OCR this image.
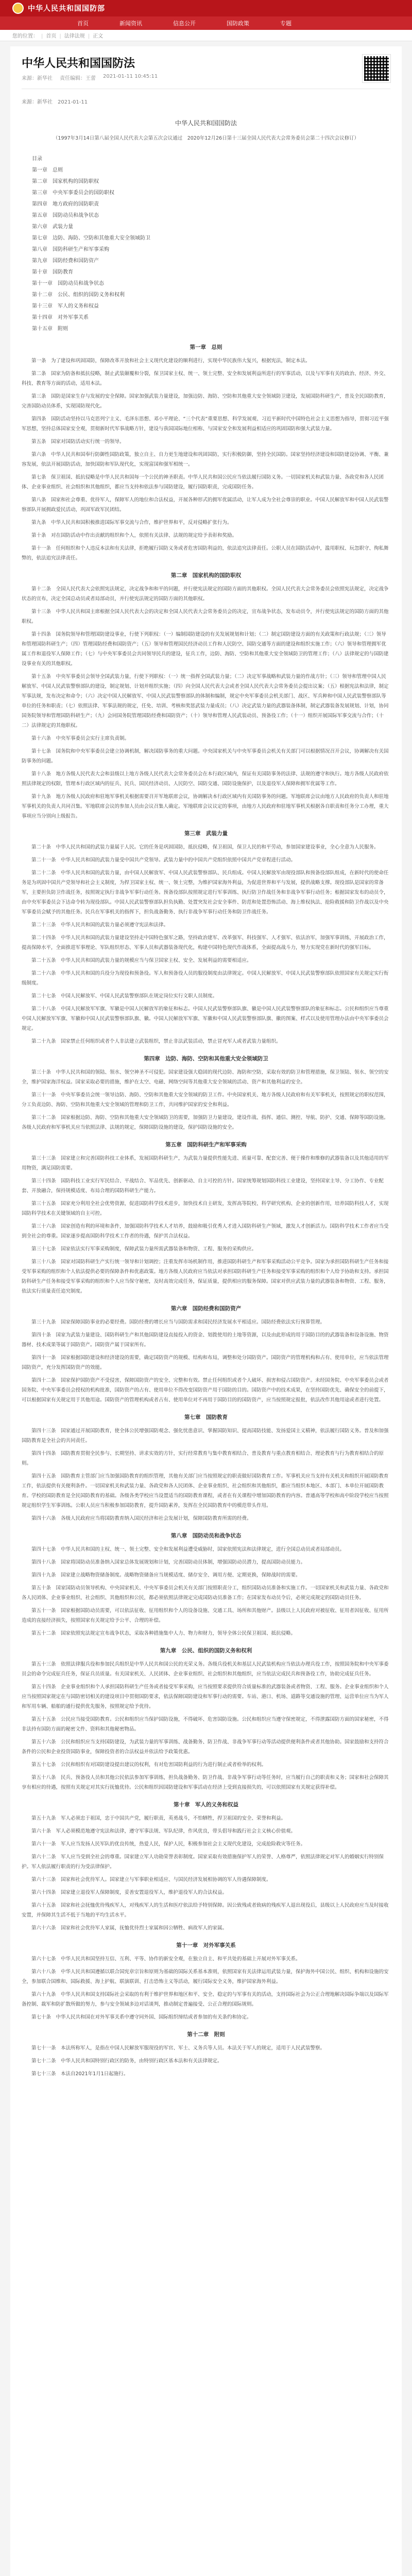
中华人民共和国国防部
首页	新闻资讯	信息公开	国防政策	专题
您的位置：	| 首页	| 法律法规	| 正文
中华人民共和国国防法
来源：新华社 责任编辑：王蕾 2021-01-11 10:45:11
来源：新华社　2021-01-11
中华人民共和国国防法
（1997年3月14日第八届全国人民代表大会第五次会议通过　2020年12月26日第十三届全国人民代表大会常务委员会第二十四次会议修订）
目录
第一章　总则
第二章　国家机构的国防职权
第三章　中央军事委员会的国防职权
第四章　地方政府的国防职责
第五章　国防动员和战争状态
第六章　武装力量
第七章　边防、海防、空防和其他重大安全领域防卫
第八章　国防科研生产和军事采购
第九章　国防经费和国防资产
第十章　国防教育
第十一章　国防动员和战争状态
第十二章　公民、组织的国防义务和权利
第十三章　军人的义务和权益
第十四章　对外军事关系
第十五章　附则
第一章　总则

第一条　为了建设和巩固国防，保障改革开放和社会主义现代化建设的顺利进行，实现中华民族伟大复兴，根据宪法，制定本法。

第二条　国家为防备和抵抗侵略，制止武装颠覆和分裂，保卫国家主权、统一、领土完整、安全和发展利益所进行的军事活动，以及与军事有关的政治、经济、外交、科技、教育等方面的活动，适用本法。

第三条　国防是国家生存与发展的安全保障。国家加强武装力量建设，加强边防、海防、空防和其他重大安全领域防卫建设，发展国防科研生产，普及全民国防教育，完善国防动员体系，实现国防现代化。

第四条　国防活动坚持以马克思列宁主义、毛泽东思想、邓小平理论、“三个代表”重要思想、科学发展观、习近平新时代中国特色社会主义思想为指导，贯彻习近平强军思想，坚持总体国家安全观，贯彻新时代军事战略方针，建设与我国国际地位相称、与国家安全和发展利益相适应的巩固国防和强大武装力量。

第五条　国家对国防活动实行统一的领导。

第六条　中华人民共和国奉行防御性国防政策，独立自主、自力更生地建设和巩固国防，实行积极防御，坚持全民国防。国家坚持经济建设和国防建设协调、平衡、兼容发展，依法开展国防活动，加快国防和军队现代化，实现富国和强军相统一。

第七条　保卫祖国、抵抗侵略是中华人民共和国每一个公民的神圣职责。中华人民共和国公民应当依法履行国防义务。一切国家机关和武装力量、各政党和各人民团体、企业事业组织、社会组织和其他组织，都应当支持和依法参与国防建设，履行国防职责，完成国防任务。

第八条　国家和社会尊重、优待军人，保障军人的地位和合法权益，开展各种形式的拥军优属活动，让军人成为全社会尊崇的职业。中国人民解放军和中国人民武装警察部队开展拥政爱民活动，巩固军政军民团结。

第九条　中华人民共和国积极推进国际军事交流与合作，维护世界和平，反对侵略扩张行为。

第十条　对在国防活动中作出贡献的组织和个人，依照有关法律、法规的规定给予表彰和奖励。

第十一条　任何组织和个人违反本法和有关法律，拒绝履行国防义务或者危害国防利益的，依法追究法律责任。公职人员在国防活动中，滥用职权、玩忽职守、徇私舞弊的，依法追究法律责任。

第二章　国家机构的国防职权

第十二条　全国人民代表大会依照宪法规定，决定战争和和平的问题，并行使宪法规定的国防方面的其他职权。全国人民代表大会常务委员会依照宪法规定，决定战争状态的宣布，决定全国总动员或者局部动员，并行使宪法规定的国防方面的其他职权。

第十三条　中华人民共和国主席根据全国人民代表大会的决定和全国人民代表大会常务委员会的决定，宣布战争状态，发布动员令，并行使宪法规定的国防方面的其他职权。

第十四条　国务院领导和管理国防建设事业，行使下列职权：（一）编制国防建设的有关发展规划和计划；（二）制定国防建设方面的有关政策和行政法规；（三）领导和管理国防科研生产；（四）管理国防经费和国防资产；（五）领导和管理国民经济动员工作和人民防空、国防交通等方面的建设和组织实施工作；（六）领导和管理拥军优属工作和退役军人保障工作；（七）与中央军事委员会共同领导民兵的建设，征兵工作，边防、海防、空防和其他重大安全领域防卫的管理工作；（八）法律规定的与国防建设事业有关的其他职权。

第十五条　中央军事委员会领导全国武装力量，行使下列职权：（一）统一指挥全国武装力量；（二）决定军事战略和武装力量的作战方针；（三）领导和管理中国人民解放军、中国人民武装警察部队的建设，制定规划、计划并组织实施；（四）向全国人民代表大会或者全国人民代表大会常务委员会提出议案；（五）根据宪法和法律，制定军事法规，发布决定和命令；（六）决定中国人民解放军、中国人民武装警察部队的体制和编制，规定中央军事委员会机关部门、战区、军兵种和中国人民武装警察部队等单位的任务和职责；（七）依照法律、军事法规的规定，任免、培训、考核和奖惩武装力量成员；（八）决定武装力量的武器装备体制，制定武器装备发展规划、计划，协同国务院领导和管理国防科研生产；（九）会同国务院管理国防经费和国防资产；（十）领导和管理人民武装动员、预备役工作；（十一）组织开展国际军事交流与合作；（十二）法律规定的其他职权。

第十六条　中央军事委员会实行主席负责制。

第十七条　国务院和中央军事委员会建立协调机制，解决国防事务的重大问题。中央国家机关与中央军事委员会机关有关部门可以根据情况召开会议，协调解决有关国防事务的问题。

第十八条　地方各级人民代表大会和县级以上地方各级人民代表大会常务委员会在本行政区域内，保证有关国防事务的法律、法规的遵守和执行。地方各级人民政府依照法律规定的权限，管理本行政区域内的征兵、民兵、国民经济动员、人民防空、国防交通、国防设施保护，以及退役军人保障和拥军优属等工作。

第十九条　地方各级人民政府和驻地军事机关根据需要召开军地联席会议，协调解决本行政区域内有关国防事务的问题。军地联席会议由地方人民政府的负责人和驻地军事机关的负责人共同召集。军地联席会议的参加人员由会议召集人确定。军地联席会议议定的事项，由地方人民政府和驻地军事机关根据各自职责和任务分工办理，重大事项应当分别向上级报告。

第三章　武装力量

第二十条　中华人民共和国的武装力量属于人民。它的任务是巩固国防，抵抗侵略，保卫祖国，保卫人民的和平劳动，参加国家建设事业，全心全意为人民服务。

第二十一条　中华人民共和国的武装力量受中国共产党领导。武装力量中的中国共产党组织依照中国共产党章程进行活动。

第二十二条　中华人民共和国的武装力量，由中国人民解放军、中国人民武装警察部队、民兵组成。中国人民解放军由现役部队和预备役部队组成，在新时代的使命任务是为巩固中国共产党领导和社会主义制度，为捍卫国家主权、统一、领土完整，为维护国家海外利益，为促进世界和平与发展，提供战略支撑。现役部队是国家的常备军，主要担负防卫作战任务，按照规定执行非战争军事行动任务。预备役部队按照规定进行军事训练、执行防卫作战任务和非战争军事行动任务；根据国家发布的动员令，由中央军事委员会下达命令转为现役部队。中国人民武装警察部队担负执勤、处置突发社会安全事件、防范和处置恐怖活动、海上维权执法、抢险救援和防卫作战以及中央军事委员会赋予的其他任务。民兵在军事机关的指挥下，担负战备勤务、执行非战争军事行动任务和防卫作战任务。

第二十三条　中华人民共和国的武装力量必须遵守宪法和法律。

第二十四条　中华人民共和国的武装力量建设坚持走中国特色强军之路，坚持政治建军、改革强军、科技强军、人才强军、依法治军，加强军事训练，开展政治工作，提高保障水平，全面推进军事理论、军队组织形态、军事人员和武器装备现代化，构建中国特色现代作战体系，全面提高战斗力，努力实现党在新时代的强军目标。

第二十五条　中华人民共和国的武装力量的规模应当与保卫国家主权、安全、发展利益的需要相适应。

第二十六条　中华人民共和国的兵役分为现役和预备役。军人和预备役人员的服役制度由法律规定。中国人民解放军、中国人民武装警察部队依照国家有关规定实行衔级制度。

第二十七条　中国人民解放军、中国人民武装警察部队在规定岗位实行文职人员制度。

第二十八条　中国人民解放军军旗、军徽是中国人民解放军的象征和标志。中国人民武装警察部队旗、徽是中国人民武装警察部队的象征和标志。公民和组织应当尊重中国人民解放军军旗、军徽和中国人民武装警察部队旗、徽。中国人民解放军军旗、军徽和中国人民武装警察部队旗、徽的图案、样式以及使用管理办法由中央军事委员会规定。

第二十九条　国家禁止任何组织或者个人非法建立武装组织，禁止非法武装活动，禁止冒充军人或者武装力量组织。

第四章　边防、海防、空防和其他重大安全领域防卫

第三十条　中华人民共和国的领陆、领水、领空神圣不可侵犯。国家建设强大稳固的现代边防、海防和空防，采取有效的防卫和管理措施，保卫领陆、领水、领空的安全，维护国家海洋权益。国家采取必要的措施，维护在太空、电磁、网络空间等其他重大安全领域的活动、资产和其他利益的安全。

第三十一条　中央军事委员会统一领导边防、海防、空防和其他重大安全领域的防卫工作。中央国家机关、地方各级人民政府和有关军事机关，按照规定的职权范围，分工负责边防、海防、空防和其他重大安全领域的管理和防卫工作，共同维护国家的安全和利益。

第三十二条　国家根据边防、海防、空防和其他重大安全领域防卫的需要，加强防卫力量建设，建设作战、指挥、通信、测控、导航、防护、交通、保障等国防设施。各级人民政府和军事机关应当依照法律、法规的规定，保障国防设施的建设，保护国防设施的安全。

第五章　国防科研生产和军事采购

第三十三条　国家建立和完善国防科技工业体系，发展国防科研生产，为武装力量提供性能先进、质量可靠、配套完善、便于操作和维修的武器装备以及其他适用的军用物资，满足国防需要。

第三十四条　国防科技工业实行军民结合、平战结合、军品优先、创新驱动、自主可控的方针。国家统筹规划国防科技工业建设，坚持国家主导、分工协作、专业配套、开放融合，保持规模适度、布局合理的国防科研生产能力。

第三十五条　国家充分利用全社会优势资源，促进国防科学技术进步，加快技术自主研发，发挥高等院校、科学研究机构、企业的创新作用，培养国防科技人才，实现国防科学技术在关键领域的自主可控。

第三十六条　国家创造有利的环境和条件，加强国防科学技术人才培养，鼓励和吸引优秀人才进入国防科研生产领域，激发人才创新活力。国防科学技术工作者应当受到全社会的尊重。国家逐步提高国防科学技术工作者的待遇，保护其合法权益。

第三十七条　国家依法实行军事采购制度，保障武装力量所需武器装备和物资、工程、服务的采购供应。

第三十八条　国家对国防科研生产实行统一领导和计划调控；注重发挥市场机制作用，推进国防科研生产和军事采购活动公平竞争。国家为承担国防科研生产任务和接受军事采购的组织和个人依法提供必要的保障条件和优惠政策。地方各级人民政府应当依法对承担国防科研生产任务和接受军事采购的组织和个人给予协助和支持。承担国防科研生产任务和接受军事采购的组织和个人应当保守秘密，及时高效完成任务，保证质量，提供相应的服务保障。国家对供应武装力量的武器装备和物资、工程、服务，依法实行质量责任追究制度。

第六章　国防经费和国防资产

第三十九条　国家保障国防事业的必要经费。国防经费的增长应当与国防需求和国民经济发展水平相适应。国防经费依法实行预算管理。

第四十条　国家为武装力量建设、国防科研生产和其他国防建设直接投入的资金、划拨使用的土地等资源，以及由此形成的用于国防目的的武器装备和设备设施、物资器材、技术成果等属于国防资产。国防资产属于国家所有。

第四十一条　国家根据国防建设和经济建设的需要，确定国防资产的规模、结构和布局，调整和处分国防资产。国防资产的管理机构和占有、使用单位，应当依法管理国防资产，充分发挥国防资产的效能。

第四十二条　国家保护国防资产不受侵害，保障国防资产的安全、完整和有效。禁止任何组织或者个人破坏、损害和侵占国防资产。未经国务院、中央军事委员会或者国务院、中央军事委员会授权的机构批准，国防资产的占有、使用单位不得改变国防资产用于国防的目的。国防资产中的技术成果，在坚持国防优先、确保安全的前提下，可以根据国家有关规定用于其他用途。国防资产的管理机构或者占有、使用单位对不再用于国防目的的国防资产，应当按照规定报批，依法改作其他用途或者进行处置。

第七章　国防教育

第四十三条　国家通过开展国防教育，使全体公民增强国防观念、强化忧患意识、掌握国防知识、提高国防技能、发扬爱国主义精神，依法履行国防义务。普及和加强国防教育是全社会的共同责任。

第四十四条　国防教育贯彻全民参与、长期坚持、讲求实效的方针，实行经常教育与集中教育相结合、普及教育与重点教育相结合、理论教育与行为教育相结合的原则。

第四十五条　国防教育主管部门应当加强国防教育的组织管理，其他有关部门应当按照规定的职责做好国防教育工作。军事机关应当支持有关机关和组织开展国防教育工作，依法提供有关便利条件。一切国家机关和武装力量、各政党和各人民团体、企业事业组织、社会组织和其他组织，都应当组织本地区、本部门、本单位开展国防教育。学校的国防教育是全民国防教育的基础。各级各类学校应当设置适当的国防教育课程，或者在有关课程中增加国防教育的内容。普通高等学校和高中阶段学校应当按照规定组织学生军事训练。公职人员应当积极参加国防教育，提升国防素养，发挥在全民国防教育中的模范带头作用。

第四十六条　各级人民政府应当将国防教育纳入国民经济和社会发展计划，保障国防教育所需的经费。

第八章　国防动员和战争状态

第四十七条　中华人民共和国的主权、统一、领土完整、安全和发展利益遭受威胁时，国家依照宪法和法律规定，进行全国总动员或者局部动员。

第四十八条　国家将国防动员准备纳入国家总体发展规划和计划，完善国防动员体制，增强国防动员潜力，提高国防动员能力。

第四十九条　国家建立战略物资储备制度。战略物资储备应当规模适度、储存安全、调用方便、定期更换，保障战时的需要。

第五十条　国家国防动员领导机构、中央国家机关、中央军事委员会机关有关部门按照职责分工，组织国防动员准备和实施工作。一切国家机关和武装力量、各政党和各人民团体、企业事业组织、社会组织、其他组织和公民，都必须依照法律规定完成国防动员准备工作；在国家发布动员令后，必须完成规定的国防动员任务。

第五十一条　国家根据国防动员需要，可以依法征收、征用组织和个人的设备设施、交通工具、场所和其他财产。县级以上人民政府对被征收、征用者因征收、征用所造成的直接经济损失，按照国家有关规定给予公平、合理的补偿。

第五十二条　国家依照宪法规定宣布战争状态，采取各种措施集中人力、物力和财力，领导全体公民保卫祖国、抵抗侵略。

第九章　公民、组织的国防义务和权利

第五十三条　依照法律服兵役和参加民兵组织是中华人民共和国公民的光荣义务。各级兵役机关和基层人民武装机构应当依法办理兵役工作，按照国务院和中央军事委员会的命令完成征兵任务，保证兵员质量。有关国家机关、人民团体、企业事业组织、社会组织和其他组织，应当依法完成民兵和预备役工作，协助完成征兵任务。

第五十四条　企业事业组织和个人承担国防科研生产任务或者接受军事采购，应当按照要求提供符合质量标准的武器装备或者物资、工程、服务。企业事业组织和个人应当按照国家规定在与国防密切相关的建设项目中贯彻国防要求，依法保障国防建设和军事行动的需要。车站、港口、机场、道路等交通设施的管理、运营单位应当为军人和军用车辆、船舶的通行提供优先服务，按照规定给予优待。

第五十五条　公民应当接受国防教育。公民和组织应当保护国防设施，不得破坏、危害国防设施。公民和组织应当遵守保密规定，不得泄露国防方面的国家秘密，不得非法持有国防方面的秘密文件、资料和其他秘密物品。

第五十六条　公民和组织应当支持国防建设，为武装力量的军事训练、战备勤务、防卫作战、非战争军事行动等活动提供便利条件或者其他协助。国家鼓励和支持符合条件的公民和企业投资国防事业，保障投资者的合法权益并依法给予政策优惠。

第五十七条　公民和组织有对国防建设提出建议的权利，有对危害国防利益的行为进行制止或者检举的权利。

第五十八条　民兵、预备役人员和其他公民依法参加军事训练，担负战备勤务、防卫作战、非战争军事行动等任务时，应当履行自己的职责和义务；国家和社会保障其享有相应的待遇，按照有关规定对其实行抚恤优待。公民和组织因国防建设和军事活动在经济上受到直接损失的，可以依照国家有关规定获得补偿。

第十章　军人的义务和权益

第五十九条　军人必须忠于祖国，忠于中国共产党，履行职责，英勇战斗，不怕牺牲，捍卫祖国的安全、荣誉和利益。

第六十条　军人必须模范地遵守宪法和法律，遵守军事法规、军队纪律，作风优良，带头倡导和践行社会主义核心价值观。

第六十一条　军人应当发扬人民军队的优良传统，热爱人民，保护人民，积极参加社会主义现代化建设，完成抢险救灾等任务。

第六十二条　军人应当受到全社会的尊重。国家建立军人功勋荣誉表彰制度。国家采取有效措施保护军人的荣誉、人格尊严，依照法律规定对军人的婚姻实行特别保护。军人依法履行职责的行为受法律保护。

第六十三条　国家和社会优待军人。国家建立与军事职业相适应、与国民经济发展相协调的军人待遇保障制度。

第六十四条　国家建立退役军人保障制度，妥善安置退役军人，维护退役军人的合法权益。

第六十五条　国家和社会抚恤优待残疾军人，对残疾军人的生活和医疗依法给予特别保障。因公致残或者致病的残疾军人退出现役后，县级以上人民政府应当及时接收安置，并保障其生活不低于当地的平均生活水平。

第六十六条　国家和社会优待军人家属，抚恤优待烈士家属和因公牺牲、病故军人的家属。

第十一章　对外军事关系

第六十七条　中华人民共和国坚持互信、互利、平等、协作的新安全观，在独立自主、和平共处的基础上开展对外军事关系。

第六十八条　中华人民共和国遵循以联合国宪章宗旨和原则为基础的国际关系基本准则，依照国家有关法律运用武装力量，保护海外中国公民、组织、机构和设施的安全，参加联合国维和、国际救援、海上护航、联演联训、打击恐怖主义等活动，履行国际安全义务，维护国家海外利益。

第六十九条　中华人民共和国支持国际社会采取的有利于维护世界和地区和平、安全、稳定的与军事有关的活动，支持国际社会为公正合理地解决国际争端以及国际军备控制、裁军和防扩散所做的努力，参与安全领域多边对话谈判，推动制定普遍接受、公正合理的国际规则。

第七十条　中华人民共和国在对外军事关系中遵守同外国、国际组织缔结或者参加的有关条约和协定。

第十二章　附则

第七十一条　本法所称军人，是指在中国人民解放军服现役的军官、军士、义务兵等人员。本法关于军人的规定，适用于人民武装警察。

第七十二条　中华人民共和国特别行政区的防务，由特别行政区基本法和有关法律规定。

第七十三条　本法自2021年1月1日起施行。
